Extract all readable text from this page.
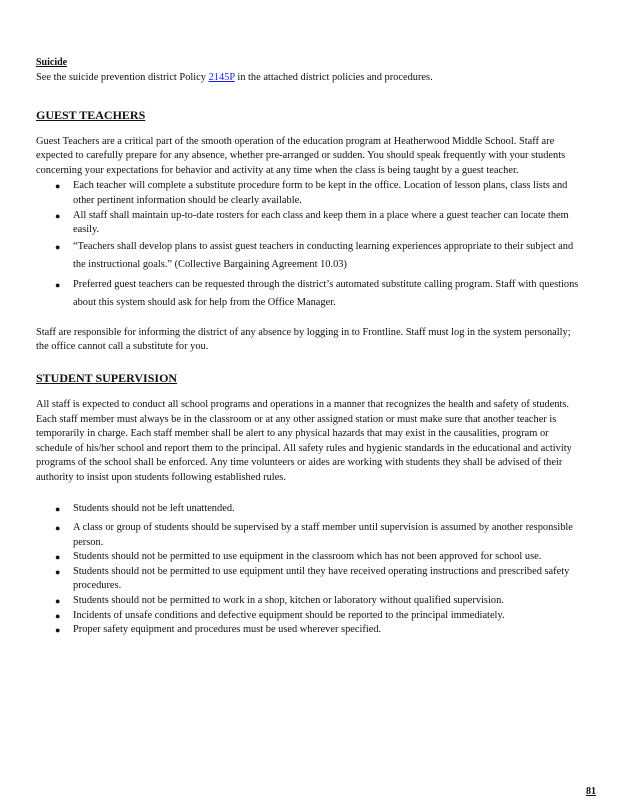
Suicide

See the suicide prevention district Policy 2145P in the attached district policies and procedures.

GUEST TEACHERS

Guest Teachers are a critical part of the smooth operation of the education program at Heatherwood Middle School. Staff are expected to carefully prepare for any absence, whether pre-arranged or sudden. You should speak frequently with your students concerning your expectations for behavior and activity at any time when the class is being taught by a guest teacher.

● Each teacher will complete a substitute procedure form to be kept in the office. Location of lesson plans, class lists and other pertinent information should be clearly available.
● All staff shall maintain up-to-date rosters for each class and keep them in a place where a guest teacher can locate them easily.
● “Teachers shall develop plans to assist guest teachers in conducting learning experiences appropriate to their subject and the instructional goals.” (Collective Bargaining Agreement 10.03)
● Preferred guest teachers can be requested through the district’s automated substitute calling program. Staff with questions about this system should ask for help from the Office Manager.

Staff are responsible for informing the district of any absence by logging in to Frontline. Staff must log in the system personally; the office cannot call a substitute for you.

STUDENT SUPERVISION

All staff is expected to conduct all school programs and operations in a manner that recognizes the health and safety of students. Each staff member must always be in the classroom or at any other assigned station or must make sure that another teacher is temporarily in charge. Each staff member shall be alert to any physical hazards that may exist in the causalities, program or schedule of his/her school and report them to the principal. All safety rules and hygienic standards in the educational and activity programs of the school shall be enforced. Any time volunteers or aides are working with students they shall be advised of their authority to insist upon students following established rules.

● Students should not be left unattended.
● A class or group of students should be supervised by a staff member until supervision is assumed by another responsible person.
● Students should not be permitted to use equipment in the classroom which has not been approved for school use.
● Students should not be permitted to use equipment until they have received operating instructions and prescribed safety procedures.
● Students should not be permitted to work in a shop, kitchen or laboratory without qualified supervision.
● Incidents of unsafe conditions and defective equipment should be reported to the principal immediately.
● Proper safety equipment and procedures must be used wherever specified.
81
